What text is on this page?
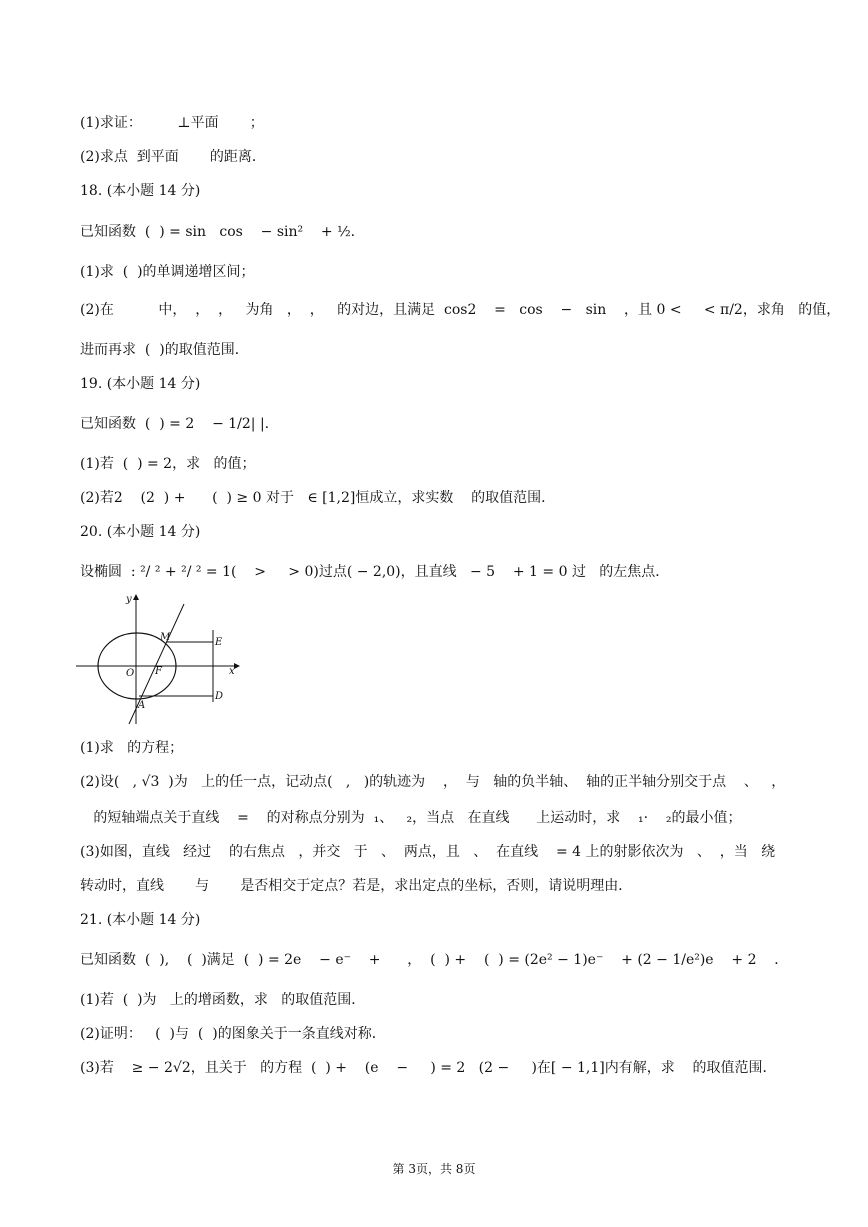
(1)求证：        ⊥平面       ；
(2)求点  到平面       的距离．
18. (本小题 14 分)
已知函数  (  ) = sin   cos    − sin²    + ½.
(1)求  (  )的单调递增区间；
(2)在          中，  ，  ，   为角   ，  ，   的对边，且满足  cos2    =   cos    −   sin    ，且 0 <     < π/2，求角   的值，
进而再求  (  )的取值范围．
19. (本小题 14 分)
已知函数  (  ) = 2    − 1/2| |.
(1)若  (  ) = 2，求   的值；
(2)若2    (2  ) +      (  ) ≥ 0 对于   ∈ [1,2]恒成立，求实数    的取值范围．
20. (本小题 14 分)
设椭圆  : ²/ ² + ²/ ² = 1(    >     > 0)过点( − 2,0)，且直线   − 5    + 1 = 0 过   的左焦点．
y
x
O F
M
A
E
D
(1)求   的方程；
(2)设(   , √3  )为   上的任一点，记动点(   ,   )的轨迹为    ，  与   轴的负半轴、  轴的正半轴分别交于点    、   ，
的短轴端点关于直线    =    的对称点分别为  ₁、   ₂，当点   在直线      上运动时，求    ₁·    ₂的最小值；
(3)如图，直线   经过    的右焦点   ，并交   于   、  两点，且   、  在直线    = 4 上的射影依次为   、  ，当   绕
转动时，直线       与       是否相交于定点？若是，求出定点的坐标，否则，请说明理由．
21. (本小题 14 分)
已知函数  (  ),    (  )满足  (  ) = 2e    − e⁻    +      ，  (  ) +    (  ) = (2e² − 1)e⁻    + (2 − 1/e²)e    + 2    ．
(1)若  (  )为   上的增函数，求   的取值范围．
(2)证明：   (  )与  (  )的图象关于一条直线对称．
(3)若    ≥ − 2√2，且关于   的方程  (  ) +    (e    −     ) = 2   (2 −     )在[ − 1,1]内有解，求    的取值范围．
第 3页，共 8页
